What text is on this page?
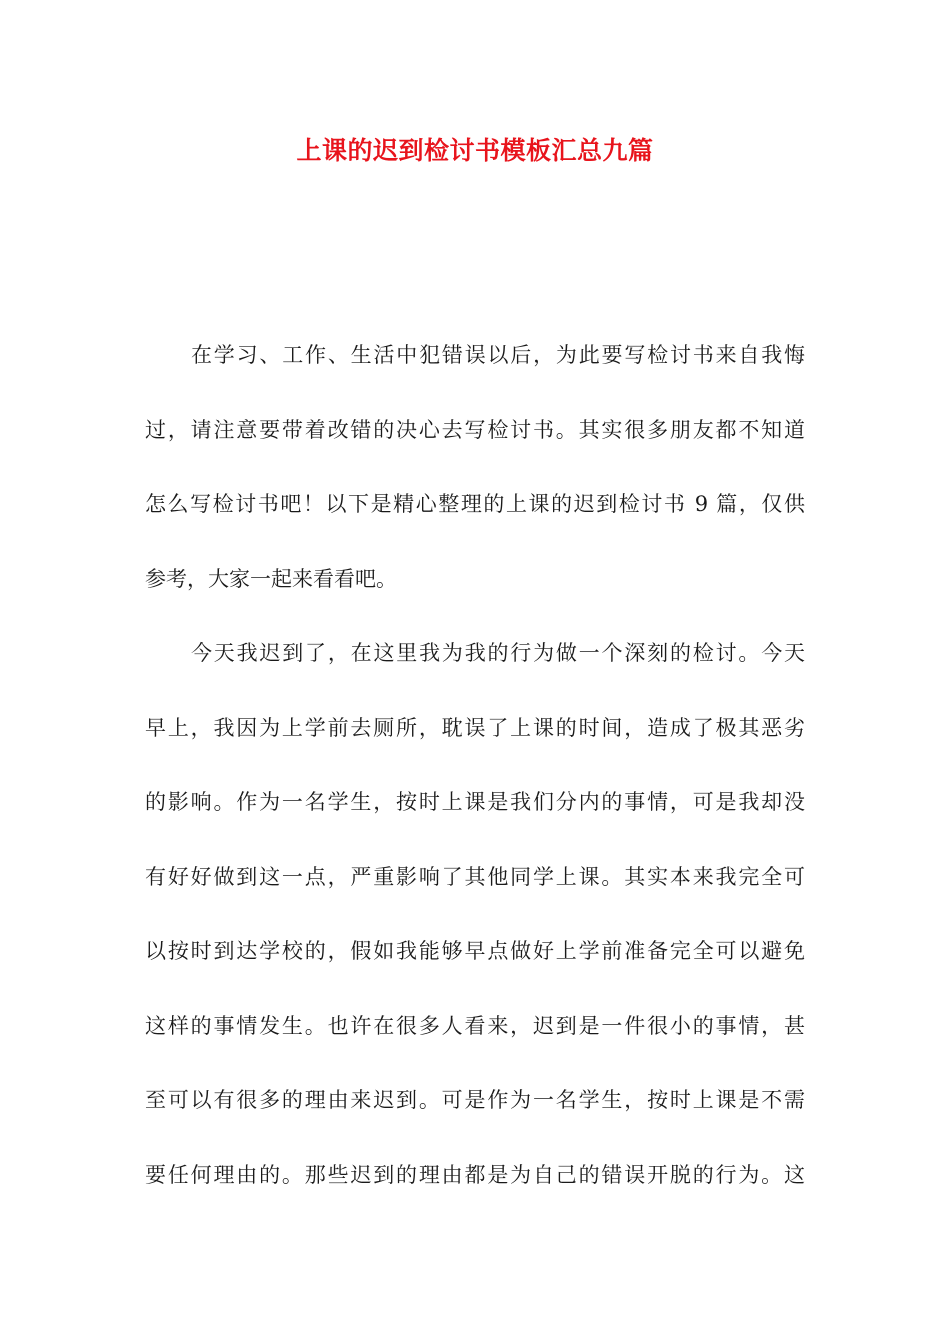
上课的迟到检讨书模板汇总九篇
在学习、工作、生活中犯错误以后，为此要写检讨书来自我悔
过，请注意要带着改错的决心去写检讨书。其实很多朋友都不知道
怎么写检讨书吧！以下是精心整理的上课的迟到检讨书 9 篇，仅供
参考，大家一起来看看吧。
今天我迟到了，在这里我为我的行为做一个深刻的检讨。今天
早上，我因为上学前去厕所，耽误了上课的时间，造成了极其恶劣
的影响。作为一名学生，按时上课是我们分内的事情，可是我却没
有好好做到这一点，严重影响了其他同学上课。其实本来我完全可
以按时到达学校的，假如我能够早点做好上学前准备完全可以避免
这样的事情发生。也许在很多人看来，迟到是一件很小的事情，甚
至可以有很多的理由来迟到。可是作为一名学生，按时上课是不需
要任何理由的。那些迟到的理由都是为自己的错误开脱的行为。这
